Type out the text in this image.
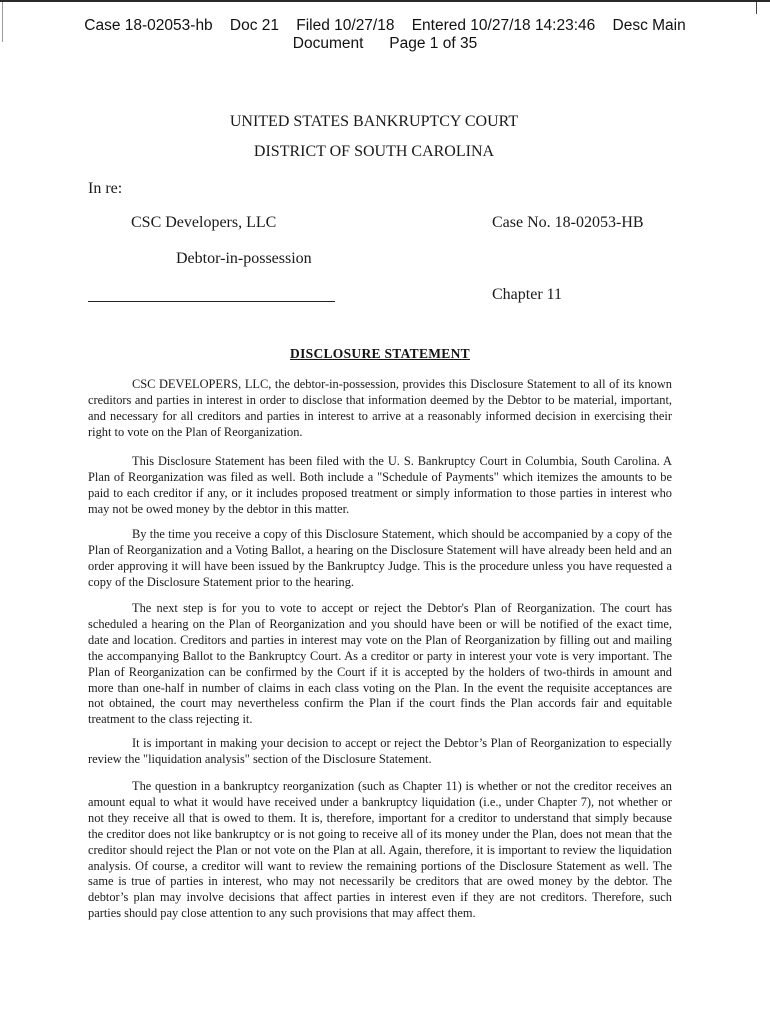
Case 18-02053-hb    Doc 21    Filed 10/27/18    Entered 10/27/18 14:23:46    Desc Main
Document      Page 1 of 35
UNITED STATES BANKRUPTCY COURT
DISTRICT OF SOUTH CAROLINA
In re:
CSC Developers, LLC	Case No. 18-02053-HB
Debtor-in-possession
Chapter 11
DISCLOSURE STATEMENT

CSC DEVELOPERS, LLC, the debtor-in-possession, provides this Disclosure Statement to all of its known creditors and parties in interest in order to disclose that information deemed by the Debtor to be material, important, and necessary for all creditors and parties in interest to arrive at a reasonably informed decision in exercising their right to vote on the Plan of Reorganization.

This Disclosure Statement has been filed with the U. S. Bankruptcy Court in Columbia, South Carolina. A Plan of Reorganization was filed as well. Both include a "Schedule of Payments" which itemizes the amounts to be paid to each creditor if any, or it includes proposed treatment or simply information to those parties in interest who may not be owed money by the debtor in this matter.

By the time you receive a copy of this Disclosure Statement, which should be accompanied by a copy of the Plan of Reorganization and a Voting Ballot, a hearing on the Disclosure Statement will have already been held and an order approving it will have been issued by the Bankruptcy Judge. This is the procedure unless you have requested a copy of the Disclosure Statement prior to the hearing.

The next step is for you to vote to accept or reject the Debtor's Plan of Reorganization. The court has scheduled a hearing on the Plan of Reorganization and you should have been or will be notified of the exact time, date and location. Creditors and parties in interest may vote on the Plan of Reorganization by filling out and mailing the accompanying Ballot to the Bankruptcy Court. As a creditor or party in interest your vote is very important. The Plan of Reorganization can be confirmed by the Court if it is accepted by the holders of two-thirds in amount and more than one-half in number of claims in each class voting on the Plan. In the event the requisite acceptances are not obtained, the court may nevertheless confirm the Plan if the court finds the Plan accords fair and equitable treatment to the class rejecting it.

It is important in making your decision to accept or reject the Debtor’s Plan of Reorganization to especially review the "liquidation analysis" section of the Disclosure Statement.

The question in a bankruptcy reorganization (such as Chapter 11) is whether or not the creditor receives an amount equal to what it would have received under a bankruptcy liquidation (i.e., under Chapter 7), not whether or not they receive all that is owed to them. It is, therefore, important for a creditor to understand that simply because the creditor does not like bankruptcy or is not going to receive all of its money under the Plan, does not mean that the creditor should reject the Plan or not vote on the Plan at all. Again, therefore, it is important to review the liquidation analysis. Of course, a creditor will want to review the remaining portions of the Disclosure Statement as well. The same is true of parties in interest, who may not necessarily be creditors that are owed money by the debtor. The debtor’s plan may involve decisions that affect parties in interest even if they are not creditors. Therefore, such parties should pay close attention to any such provisions that may affect them.
